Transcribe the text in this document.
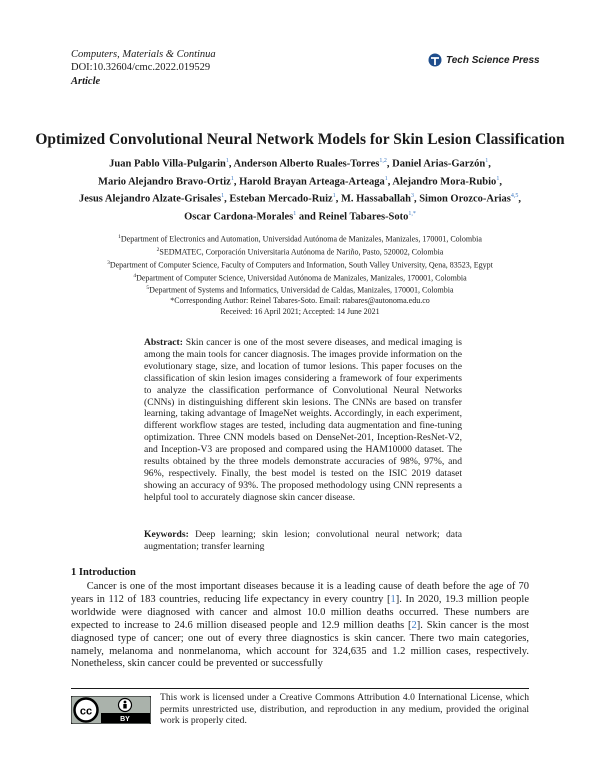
Computers, Materials & Continua
DOI:10.32604/cmc.2022.019529
Article
Tech Science Press
Optimized Convolutional Neural Network Models for Skin Lesion Classification
Juan Pablo Villa-Pulgarin$^1$, Anderson Alberto Ruales-Torres$^{1,2}$, Daniel Arias-Garzón$^1$,
Mario Alejandro Bravo-Ortiz$^1$, Harold Brayan Arteaga-Arteaga$^1$, Alejandro Mora-Rubio$^1$,
Jesus Alejandro Alzate-Grisales$^1$, Esteban Mercado-Ruiz$^1$, M. Hassaballah$^3$, Simon Orozco-Arias$^{4,5}$,
Oscar Cardona-Morales$^1$ and Reinel Tabares-Soto$^{1,*}$
$^1$Department of Electronics and Automation, Universidad Autónoma de Manizales, Manizales, 170001, Colombia
$^2$SEDMATEC, Corporación Universitaria Autónoma de Nariño, Pasto, 520002, Colombia
$^3$Department of Computer Science, Faculty of Computers and Information, South Valley University, Qena, 83523, Egypt
$^4$Department of Computer Science, Universidad Autónoma de Manizales, Manizales, 170001, Colombia
$^5$Department of Systems and Informatics, Universidad de Caldas, Manizales, 170001, Colombia
*Corresponding Author: Reinel Tabares-Soto. Email: rtabares@autonoma.edu.co
Received: 16 April 2021; Accepted: 14 June 2021
Abstract: Skin cancer is one of the most severe diseases, and medical imaging is among the main tools for cancer diagnosis. The images provide information on the evolutionary stage, size, and location of tumor lesions. This paper focuses on the classification of skin lesion images considering a framework of four experiments to analyze the classification performance of Convolutional Neural Networks (CNNs) in distinguishing different skin lesions. The CNNs are based on transfer learning, taking advantage of ImageNet weights. Accordingly, in each experiment, different workflow stages are tested, including data augmentation and fine-tuning optimization. Three CNN models based on DenseNet-201, Inception-ResNet-V2, and Inception-V3 are proposed and compared using the HAM10000 dataset. The results obtained by the three models demonstrate accuracies of 98%, 97%, and 96%, respectively. Finally, the best model is tested on the ISIC 2019 dataset showing an accuracy of 93%. The proposed methodology using CNN represents a helpful tool to accurately diagnose skin cancer disease.
Keywords: Deep learning; skin lesion; convolutional neural network; data augmentation; transfer learning
1 Introduction
Cancer is one of the most important diseases because it is a leading cause of death before the age of 70 years in 112 of 183 countries, reducing life expectancy in every country [1]. In 2020, 19.3 million people worldwide were diagnosed with cancer and almost 10.0 million deaths occurred. These numbers are expected to increase to 24.6 million diseased people and 12.9 million deaths [2]. Skin cancer is the most diagnosed type of cancer; one out of every three diagnostics is skin cancer. There two main categories, namely, melanoma and nonmelanoma, which account for 324,635 and 1.2 million cases, respectively. Nonetheless, skin cancer could be prevented or successfully
cc
BY
This work is licensed under a Creative Commons Attribution 4.0 International License, which permits unrestricted use, distribution, and reproduction in any medium, provided the original work is properly cited.
